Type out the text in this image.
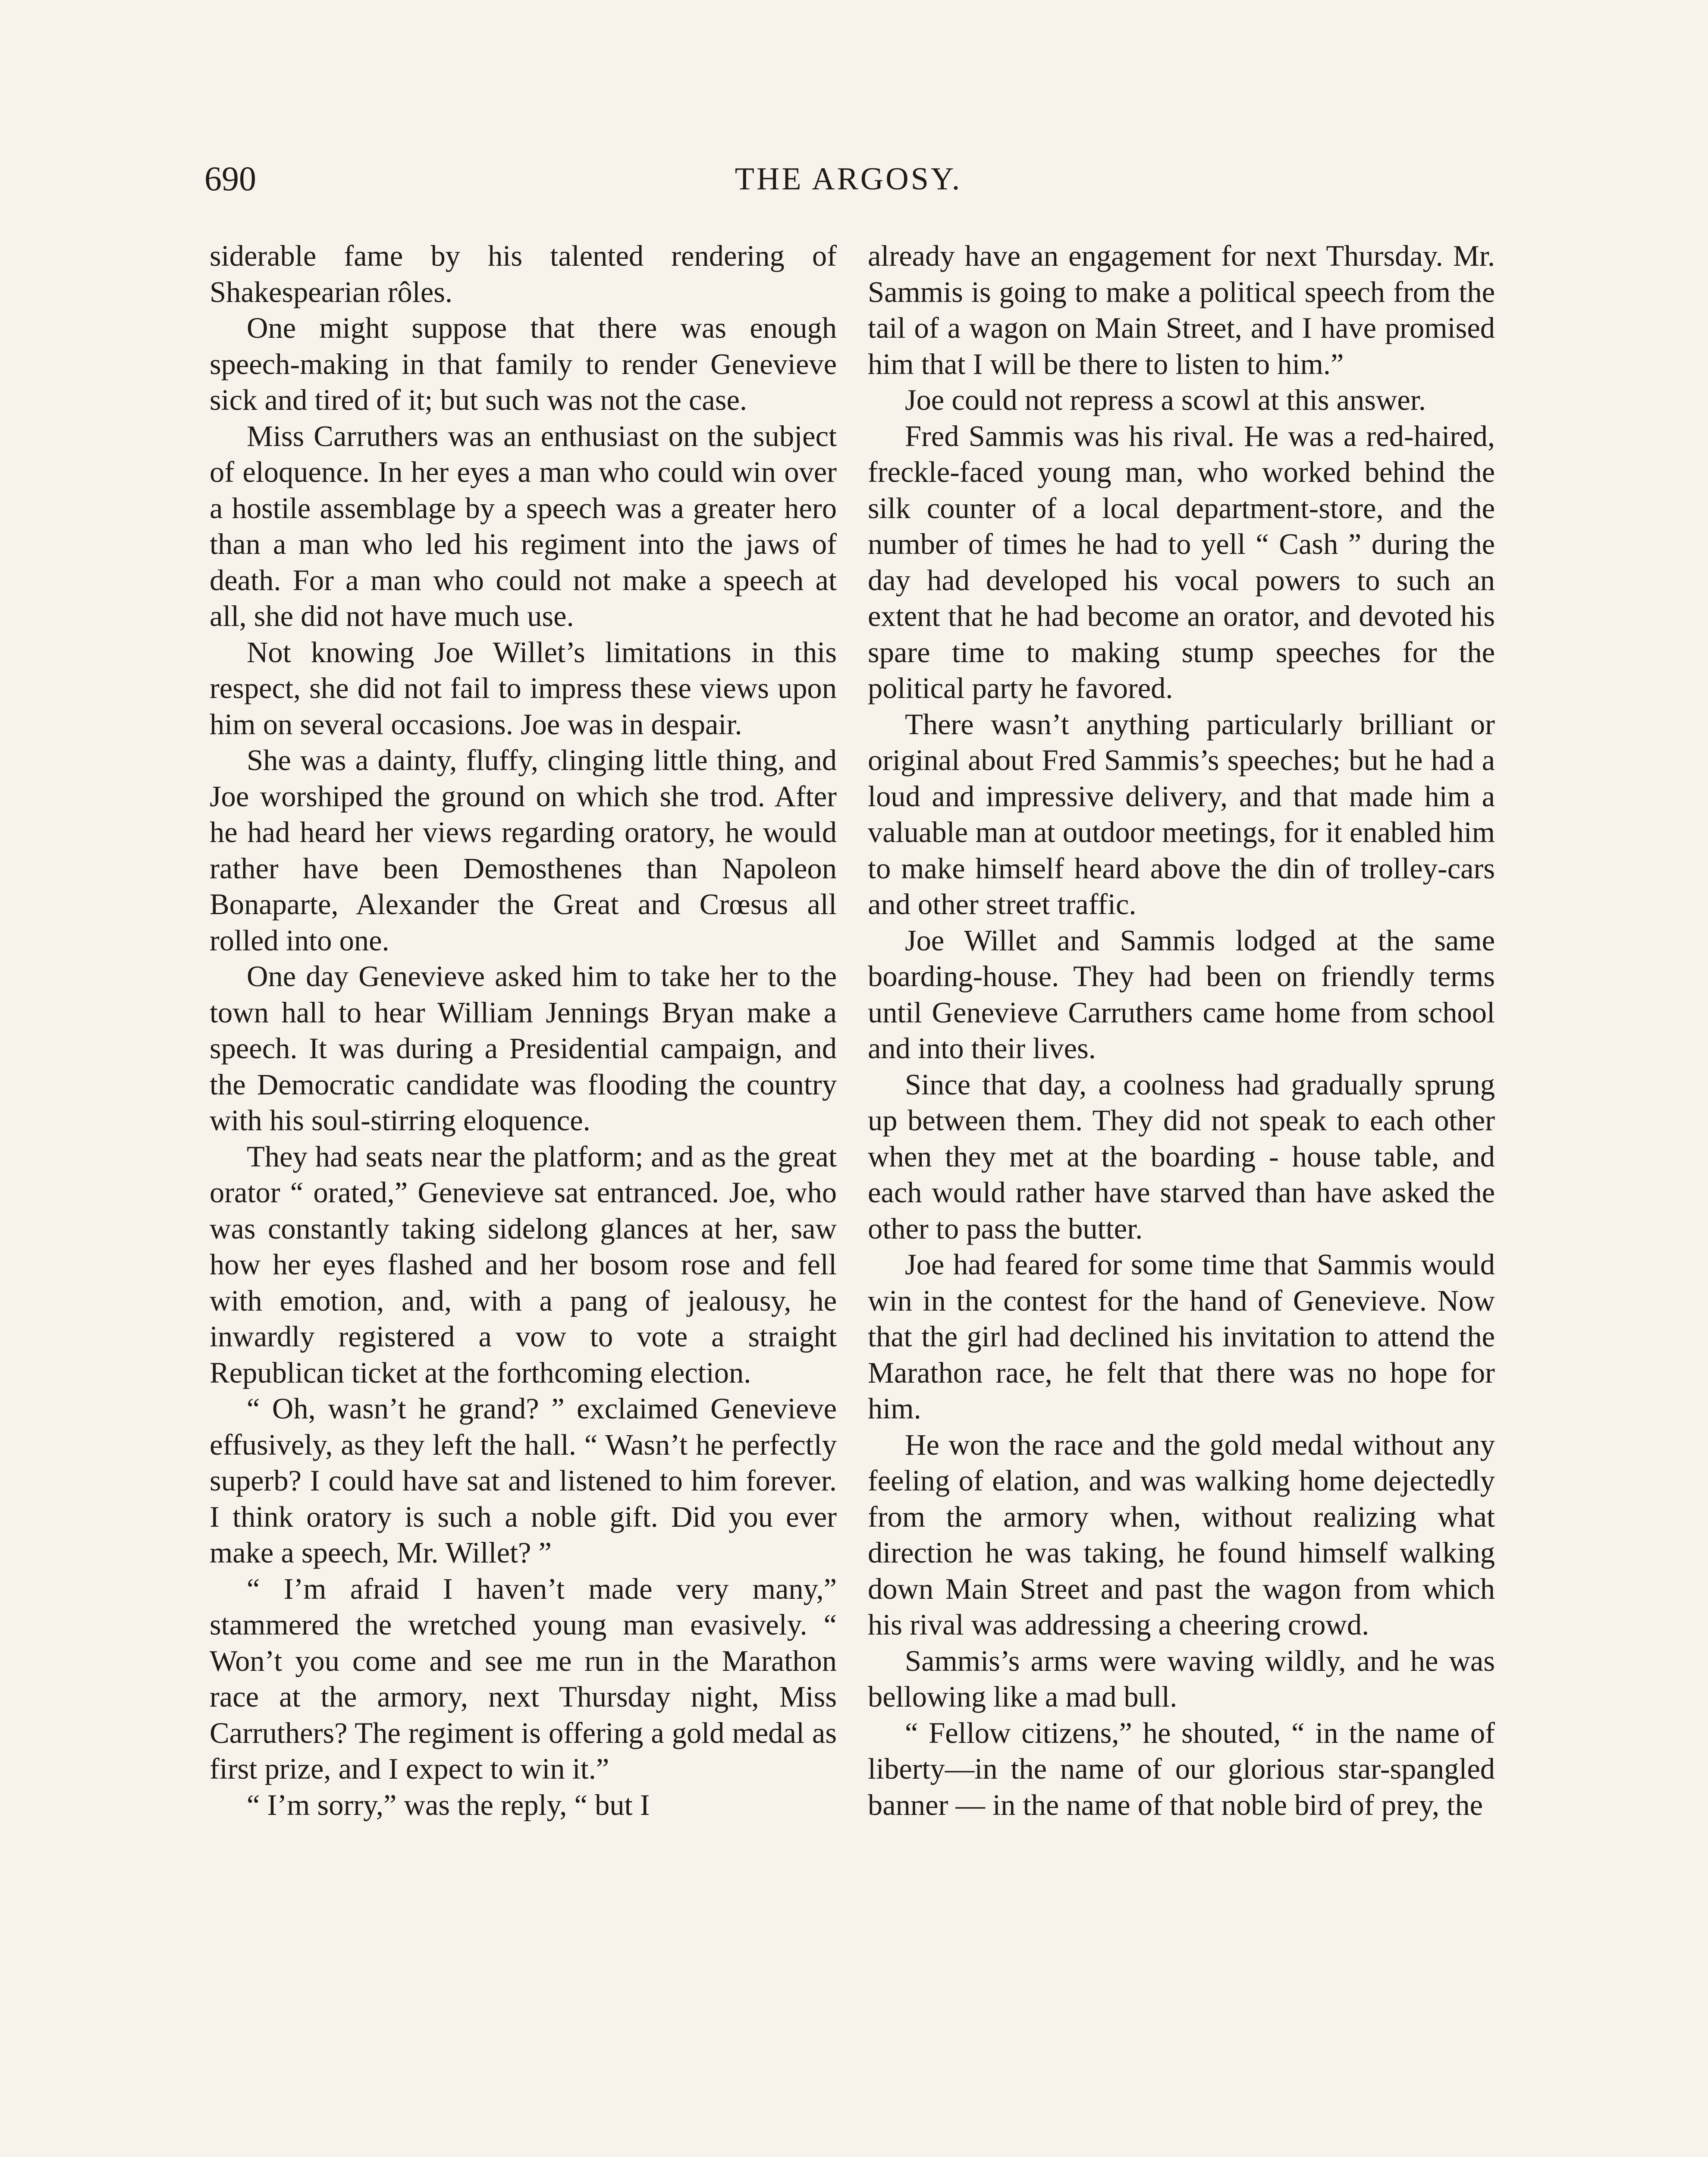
690	THE ARGOSY.

siderable fame by his talented rendering of Shakespearian rôles.

One might suppose that there was enough speech-making in that family to render Genevieve sick and tired of it; but such was not the case.

Miss Carruthers was an enthusiast on the subject of eloquence. In her eyes a man who could win over a hostile assemblage by a speech was a greater hero than a man who led his regiment into the jaws of death. For a man who could not make a speech at all, she did not have much use.

Not knowing Joe Willet’s limitations in this respect, she did not fail to impress these views upon him on several occasions. Joe was in despair.

She was a dainty, fluffy, clinging little thing, and Joe worshiped the ground on which she trod. After he had heard her views regarding oratory, he would rather have been Demosthenes than Napoleon Bonaparte, Alexander the Great and Crœsus all rolled into one.

One day Genevieve asked him to take her to the town hall to hear William Jennings Bryan make a speech. It was during a Presidential campaign, and the Democratic candidate was flooding the country with his soul-stirring eloquence.

They had seats near the platform; and as the great orator “ orated,” Genevieve sat entranced. Joe, who was constantly taking sidelong glances at her, saw how her eyes flashed and her bosom rose and fell with emotion, and, with a pang of jealousy, he inwardly registered a vow to vote a straight Republican ticket at the forthcoming election.

“ Oh, wasn’t he grand? ” exclaimed Genevieve effusively, as they left the hall. “ Wasn’t he perfectly superb? I could have sat and listened to him forever. I think oratory is such a noble gift. Did you ever make a speech, Mr. Willet? ”

“ I’m afraid I haven’t made very many,” stammered the wretched young man evasively. “ Won’t you come and see me run in the Marathon race at the armory, next Thursday night, Miss Carruthers? The regiment is offering a gold medal as first prize, and I expect to win it.”

“ I’m sorry,” was the reply, “ but I

already have an engagement for next Thursday. Mr. Sammis is going to make a political speech from the tail of a wagon on Main Street, and I have promised him that I will be there to listen to him.”

Joe could not repress a scowl at this answer.

Fred Sammis was his rival. He was a red-haired, freckle-faced young man, who worked behind the silk counter of a local department-store, and the number of times he had to yell “ Cash ” during the day had developed his vocal powers to such an extent that he had become an orator, and devoted his spare time to making stump speeches for the political party he favored.

There wasn’t anything particularly brilliant or original about Fred Sammis’s speeches; but he had a loud and impressive delivery, and that made him a valuable man at outdoor meetings, for it enabled him to make himself heard above the din of trolley-cars and other street traffic.

Joe Willet and Sammis lodged at the same boarding-house. They had been on friendly terms until Genevieve Carruthers came home from school and into their lives.

Since that day, a coolness had gradually sprung up between them. They did not speak to each other when they met at the boarding - house table, and each would rather have starved than have asked the other to pass the butter.

Joe had feared for some time that Sammis would win in the contest for the hand of Genevieve. Now that the girl had declined his invitation to attend the Marathon race, he felt that there was no hope for him.

He won the race and the gold medal without any feeling of elation, and was walking home dejectedly from the armory when, without realizing what direction he was taking, he found himself walking down Main Street and past the wagon from which his rival was addressing a cheering crowd.

Sammis’s arms were waving wildly, and he was bellowing like a mad bull.

“ Fellow citizens,” he shouted, “ in the name of liberty—in the name of our glorious star-spangled banner — in the name of that noble bird of prey, the
